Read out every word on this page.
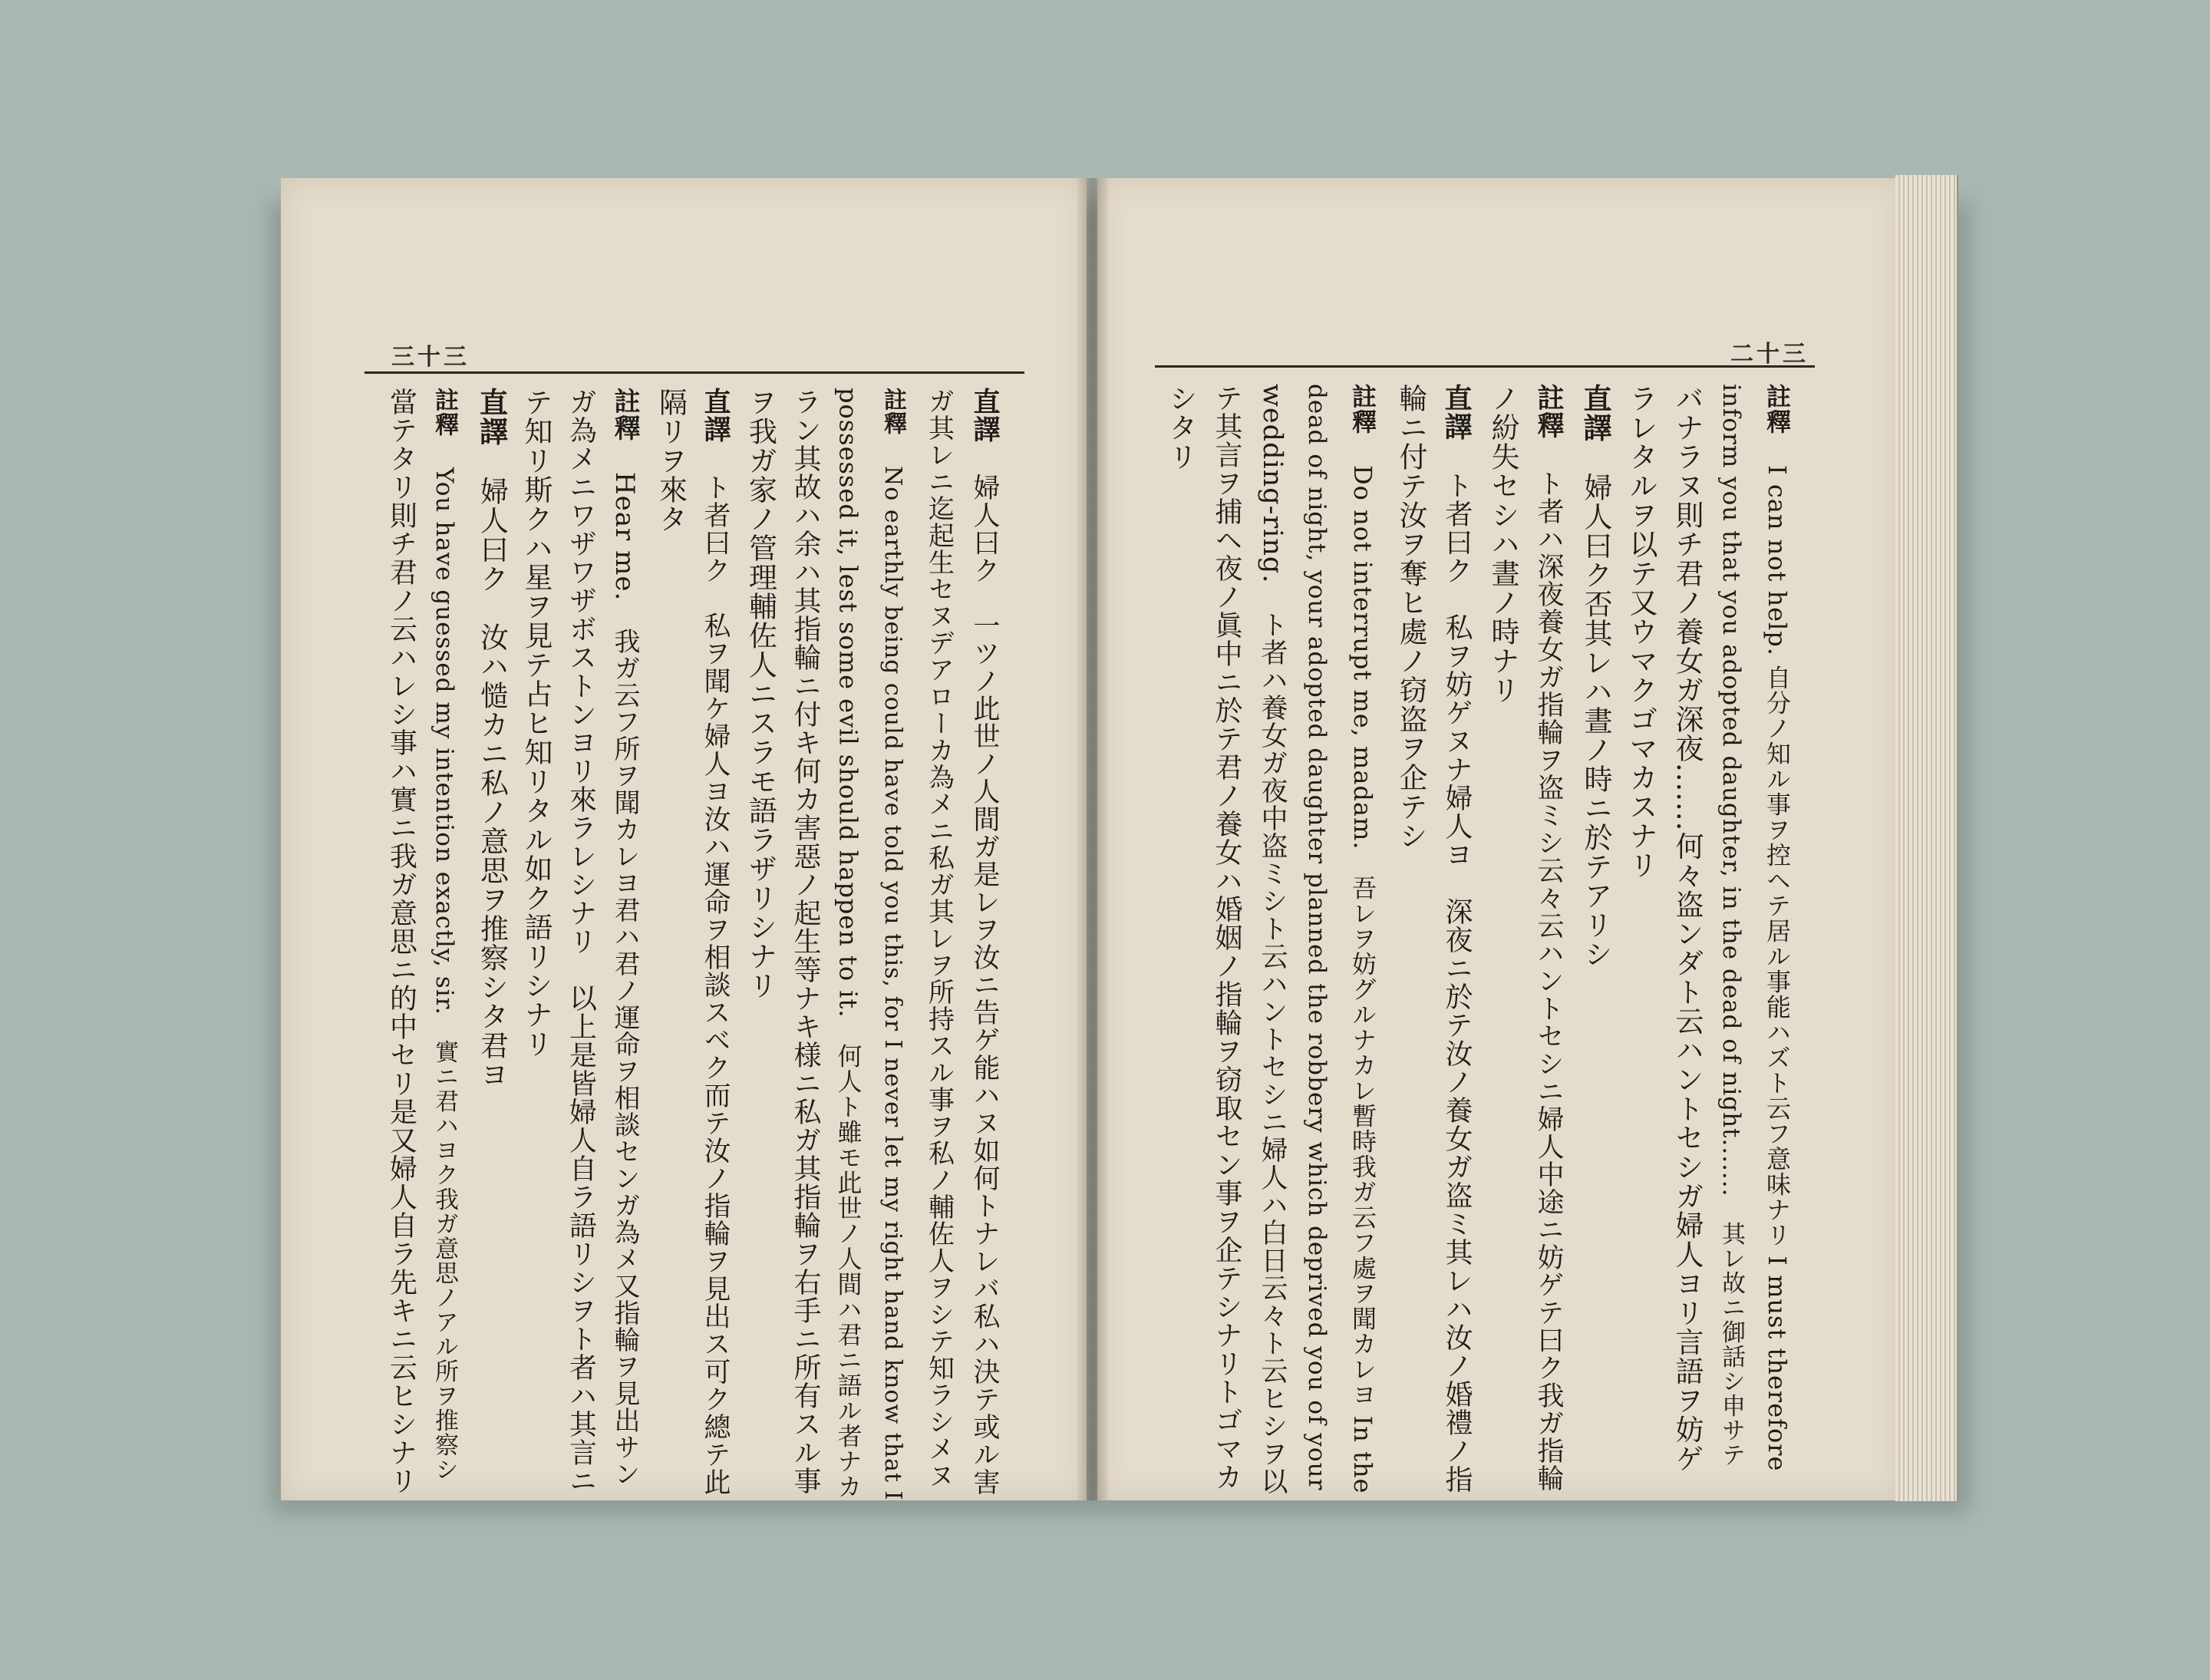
三十三	二十三
直譯婦人曰ク　一ツノ此世ノ人間ガ是レヲ汝ニ告ゲ能ハヌ如何トナレバ私ハ決テ或ル害
ガ其レニ迄起生セヌデアローカ為メニ私ガ其レヲ所持スル事ヲ私ノ輔佐人ヲシテ知ラシメヌ
註釋No earthly being could have told you this, for I never let my right hand know that I
possessed it, lest some evil should happen to it.　何人ト雖モ此世ノ人間ハ君ニ語ル者ナカ
ラン其故ハ余ハ其指輪ニ付キ何カ害惡ノ起生等ナキ様ニ私ガ其指輪ヲ右手ニ所有スル事
ヲ我ガ家ノ管理輔佐人ニスラモ語ラザリシナリ
直譯ト者曰ク　私ヲ聞ケ婦人ヨ汝ハ運命ヲ相談スベク而テ汝ノ指輪ヲ見出ス可ク總テ此
隔リヲ來タ
註釋Hear me.　我ガ云フ所ヲ聞カレヨ君ハ君ノ運命ヲ相談センガ為メ又指輪ヲ見出サン
ガ為メニワザワザボストンヨリ來ラレシナリ　以上是皆婦人自ラ語リシヲト者ハ其言ニ
テ知リ斯クハ星ヲ見テ占ヒ知リタル如ク語リシナリ
直譯婦人曰ク　汝ハ慥カニ私ノ意思ヲ推察シタ君ヨ
註釋You have guessed my intention exactly, sir.　實ニ君ハヨク我ガ意思ノアル所ヲ推察シ
當テタリ則チ君ノ云ハレシ事ハ實ニ我ガ意思ニ的中セリ是又婦人自ラ先キニ云ヒシナリ	註釋I can not help. 自分ノ知ル事ヲ控ヘテ居ル事能ハズト云フ意味ナリ I must therefore
inform you that you adopted daughter, in the dead of night.......　其レ故ニ御話シ申サテ
バナラヌ則チ君ノ養女ガ深夜.......何々盗ンダト云ハントセシガ婦人ヨリ言語ヲ妨ゲ
ラレタルヲ以テ又ウマクゴマカスナリ
直譯婦人曰ク否其レハ晝ノ時ニ於テアリシ
註釋ト者ハ深夜養女ガ指輪ヲ盗ミシ云々云ハントセシニ婦人中途ニ妨ゲテ曰ク我ガ指輪
ノ紛失セシハ晝ノ時ナリ
直譯ト者曰ク　私ヲ妨ゲヌナ婦人ヨ　深夜ニ於テ汝ノ養女ガ盗ミ其レハ汝ノ婚禮ノ指
輪ニ付テ汝ヲ奪ヒ處ノ窃盗ヲ企テシ
註釋Do not interrupt me, madam.　吾レヲ妨グルナカレ暫時我ガ云フ處ヲ聞カレヨ In the
dead of night, your adopted daughter planned the robbery which deprived you of your
wedding-ring.　ト者ハ養女ガ夜中盗ミシト云ハントセシニ婦人ハ白日云々ト云ヒシヲ以
テ其言ヲ捕ヘ夜ノ眞中ニ於テ君ノ養女ハ婚姻ノ指輪ヲ窃取セン事ヲ企テシナリトゴマカ
シタリ
